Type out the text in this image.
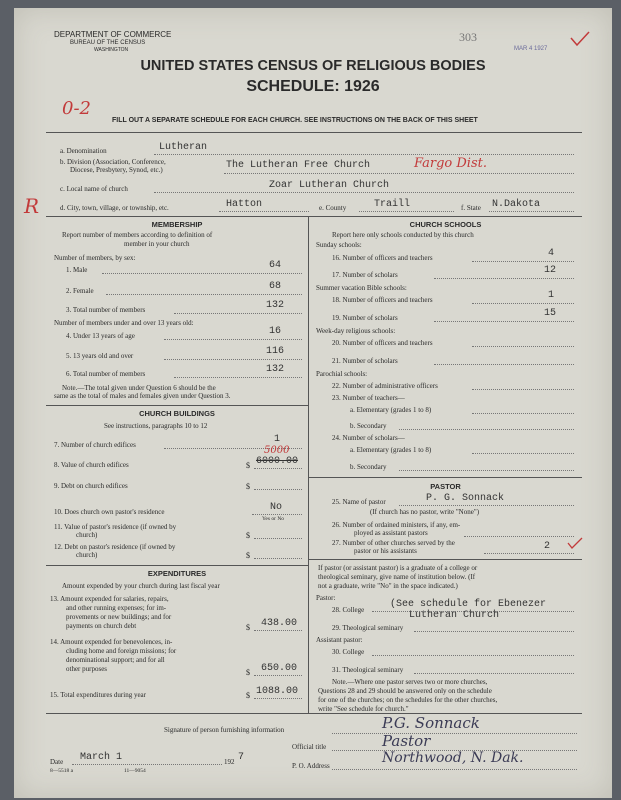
DEPARTMENT OF COMMERCE
BUREAU OF THE CENSUS
WASHINGTON
303
MAR 4 1927
UNITED STATES CENSUS OF RELIGIOUS BODIES
SCHEDULE: 1926
0-2
FILL OUT A SEPARATE SCHEDULE FOR EACH CHURCH. SEE INSTRUCTIONS ON THE BACK OF THIS SHEET
a. Denomination	Lutheran
b. Division (Association, Conference,
Diocese, Presbytery, Synod, etc.)	The Lutheran Free Church	Fargo Dist.
c. Local name of church	Zoar Lutheran Church
R	d. City, town, village, or township, etc.	Hatton	e. County	Traill	f. State N.Dakota
MEMBERSHIP
Report number of members according to definition of
member in your church
Number of members, by sex:
1. Male	64
2. Female	68
3. Total number of members	132
Number of members under and over 13 years old:
4. Under 13 years of age	16
5. 13 years old and over	116
6. Total number of members	132
Note.—The total given under Question 6 should be the
same as the total of males and females given under Question 3.
CHURCH BUILDINGS
See instructions, paragraphs 10 to 12
7. Number of church edifices	1
5000
8. Value of church edifices	$ 6000.00
9. Debt on church edifices	$
10. Does church own pastor's residence	No
Yes or No
11. Value of pastor's residence (if owned by
church)	$
12. Debt on pastor's residence (if owned by
church)	$
EXPENDITURES
Amount expended by your church during last fiscal year
13. Amount expended for salaries, repairs,
and other running expenses; for im-
provements or new buildings; and for
payments on church debt	$ 438.00
14. Amount expended for benevolences, in-
cluding home and foreign missions; for
denominational support; and for all
other purposes	$ 650.00
15. Total expenditures during year	$ 1088.00
CHURCH SCHOOLS
Report here only schools conducted by this church
Sunday schools:
16. Number of officers and teachers	4
17. Number of scholars	12
Summer vacation Bible schools:
18. Number of officers and teachers	1
19. Number of scholars	15
Week-day religious schools:
20. Number of officers and teachers
21. Number of scholars
Parochial schools:
22. Number of administrative officers
23. Number of teachers—
a. Elementary (grades 1 to 8)
b. Secondary
24. Number of scholars—
a. Elementary (grades 1 to 8)
b. Secondary
PASTOR
25. Name of pastor	P. G. Sonnack
(If church has no pastor, write "None")
26. Number of ordained ministers, if any, em-
ployed as assistant pastors
27. Number of other churches served by the
pastor or his assistants	2
If pastor (or assistant pastor) is a graduate of a college or
theological seminary, give name of institution below. (If
not a graduate, write "No" in the space indicated.)
Pastor:
28. College	(See schedule for Ebenezer
Lutheran Church
29. Theological seminary
Assistant pastor:
30. College
31. Theological seminary
Note.—Where one pastor serves two or more churches,
Questions 28 and 29 should be answered only on the schedule
for one of the churches; on the schedules for the other churches,
write "See schedule for church."
Signature of person furnishing information	P.G. Sonnack
Official title	Pastor
Date March 1	192 7
P. O. Address	Northwood, N. Dak.
8—5518 a	11—9054
